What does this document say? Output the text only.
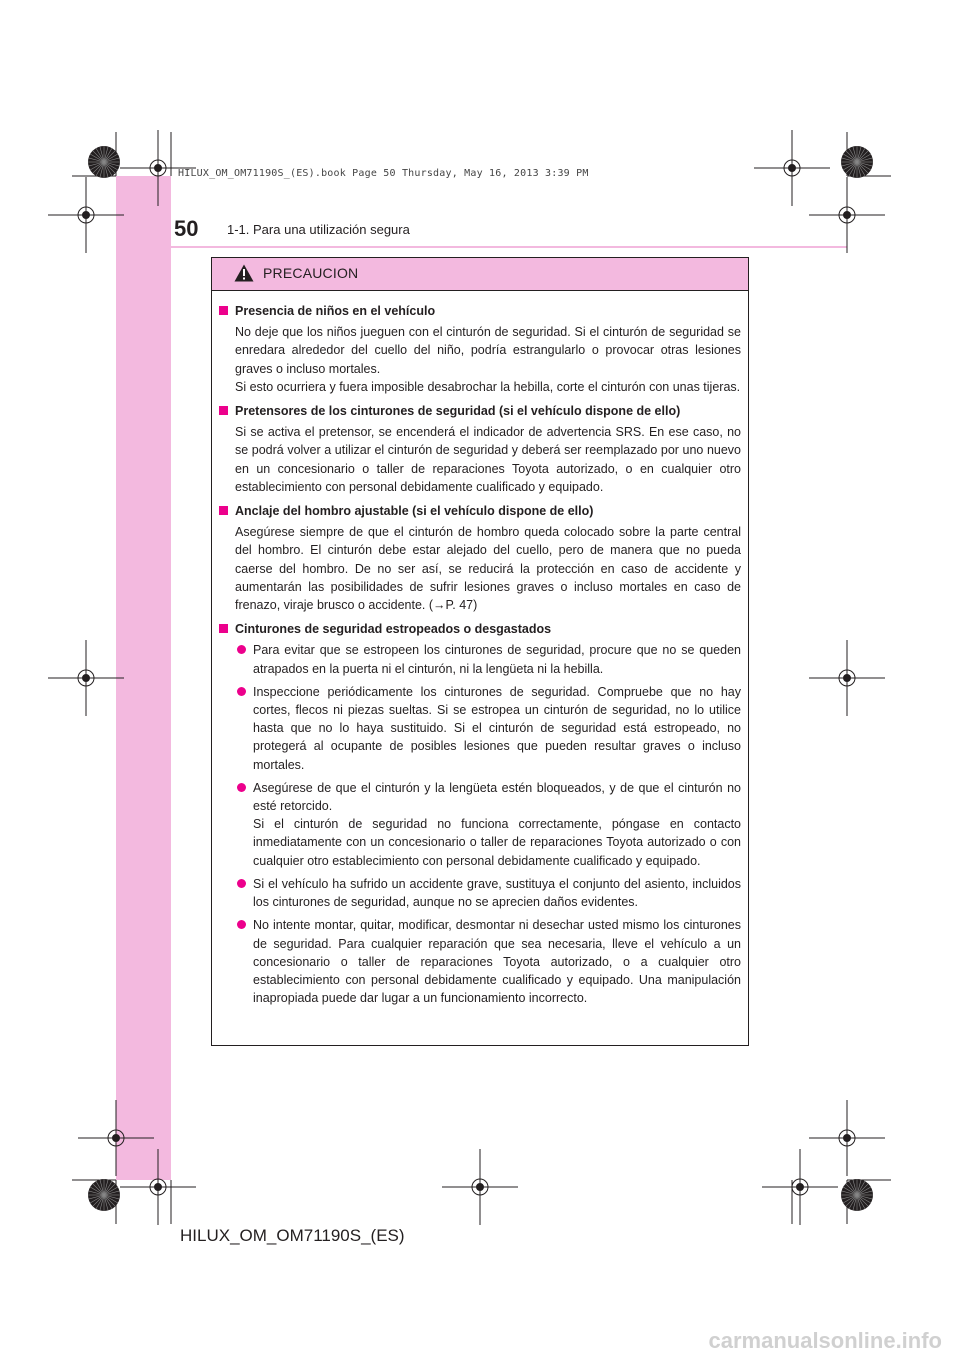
HILUX_OM_OM71190S_(ES).book Page 50 Thursday, May 16, 2013 3:39 PM
50 1-1. Para una utilización segura
PRECAUCION
Presencia de niños en el vehículo
No deje que los niños jueguen con el cinturón de seguridad. Si el cinturón de seguridad se enredara alrededor del cuello del niño, podría estrangularlo o provocar otras lesiones graves o incluso mortales.
Si esto ocurriera y fuera imposible desabrochar la hebilla, corte el cinturón con unas tijeras.
Pretensores de los cinturones de seguridad (si el vehículo dispone de ello)
Si se activa el pretensor, se encenderá el indicador de advertencia SRS. En ese caso, no se podrá volver a utilizar el cinturón de seguridad y deberá ser reemplazado por uno nuevo en un concesionario o taller de reparaciones Toyota autorizado, o en cualquier otro establecimiento con personal debidamente cualificado y equipado.
Anclaje del hombro ajustable (si el vehículo dispone de ello)
Asegúrese siempre de que el cinturón de hombro queda colocado sobre la parte central del hombro. El cinturón debe estar alejado del cuello, pero de manera que no pueda caerse del hombro. De no ser así, se reducirá la protección en caso de accidente y aumentarán las posibilidades de sufrir lesiones graves o incluso mortales en caso de frenazo, viraje brusco o accidente. (→P. 47)
Cinturones de seguridad estropeados o desgastados
Para evitar que se estropeen los cinturones de seguridad, procure que no se queden atrapados en la puerta ni el cinturón, ni la lengüeta ni la hebilla.
Inspeccione periódicamente los cinturones de seguridad. Compruebe que no hay cortes, flecos ni piezas sueltas. Si se estropea un cinturón de seguridad, no lo utilice hasta que no lo haya sustituido. Si el cinturón de seguridad está estropeado, no protegerá al ocupante de posibles lesiones que pueden resultar graves o incluso mortales.
Asegúrese de que el cinturón y la lengüeta estén bloqueados, y de que el cinturón no esté retorcido.
Si el cinturón de seguridad no funciona correctamente, póngase en contacto inmediatamente con un concesionario o taller de reparaciones Toyota autorizado o con cualquier otro establecimiento con personal debidamente cualificado y equipado.
Si el vehículo ha sufrido un accidente grave, sustituya el conjunto del asiento, incluidos los cinturones de seguridad, aunque no se aprecien daños evidentes.
No intente montar, quitar, modificar, desmontar ni desechar usted mismo los cinturones de seguridad. Para cualquier reparación que sea necesaria, lleve el vehículo a un concesionario o taller de reparaciones Toyota autorizado, o a cualquier otro establecimiento con personal debidamente cualificado y equipado. Una manipulación inapropiada puede dar lugar a un funcionamiento incorrecto.
HILUX_OM_OM71190S_(ES)
carmanualsonline.info
